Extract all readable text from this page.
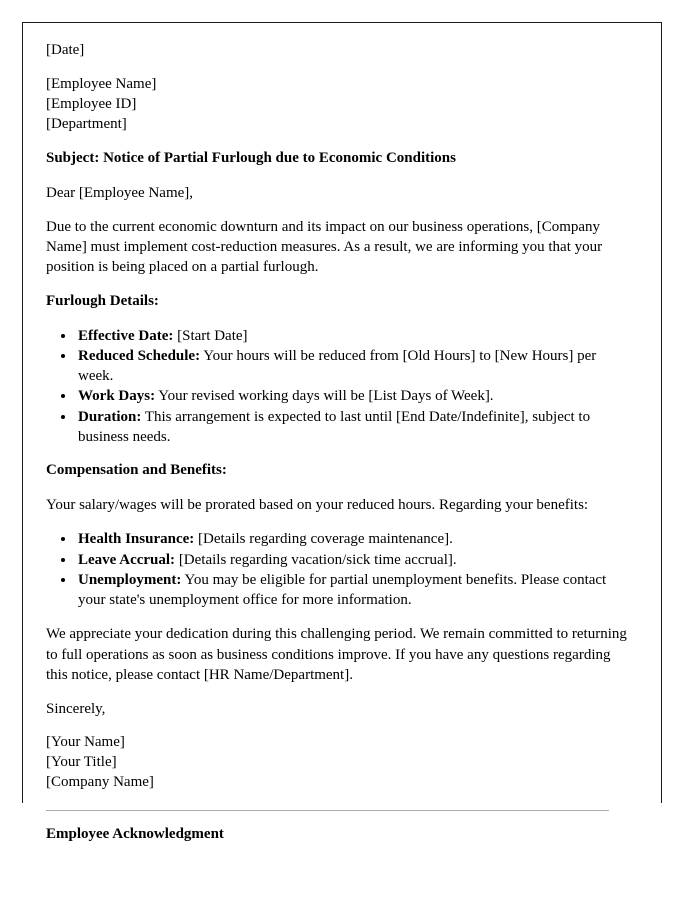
[Date]
[Employee Name]
[Employee ID]
[Department]
Subject: Notice of Partial Furlough due to Economic Conditions

Dear [Employee Name],

Due to the current economic downturn and its impact on our business operations, [Company Name] must implement cost-reduction measures. As a result, we are informing you that your position is being placed on a partial furlough.

Furlough Details:
• Effective Date: [Start Date]
• Reduced Schedule: Your hours will be reduced from [Old Hours] to [New Hours] per week.
• Work Days: Your revised working days will be [List Days of Week].
• Duration: This arrangement is expected to last until [End Date/Indefinite], subject to business needs.
Compensation and Benefits:

Your salary/wages will be prorated based on your reduced hours. Regarding your benefits:

• Health Insurance: [Details regarding coverage maintenance].
• Leave Accrual: [Details regarding vacation/sick time accrual].
• Unemployment: You may be eligible for partial unemployment benefits. Please contact your state's unemployment office for more information.

We appreciate your dedication during this challenging period. We remain committed to returning to full operations as soon as business conditions improve. If you have any questions regarding this notice, please contact [HR Name/Department].

Sincerely,

[Your Name]
[Your Title]
[Company Name]
Employee Acknowledgment
